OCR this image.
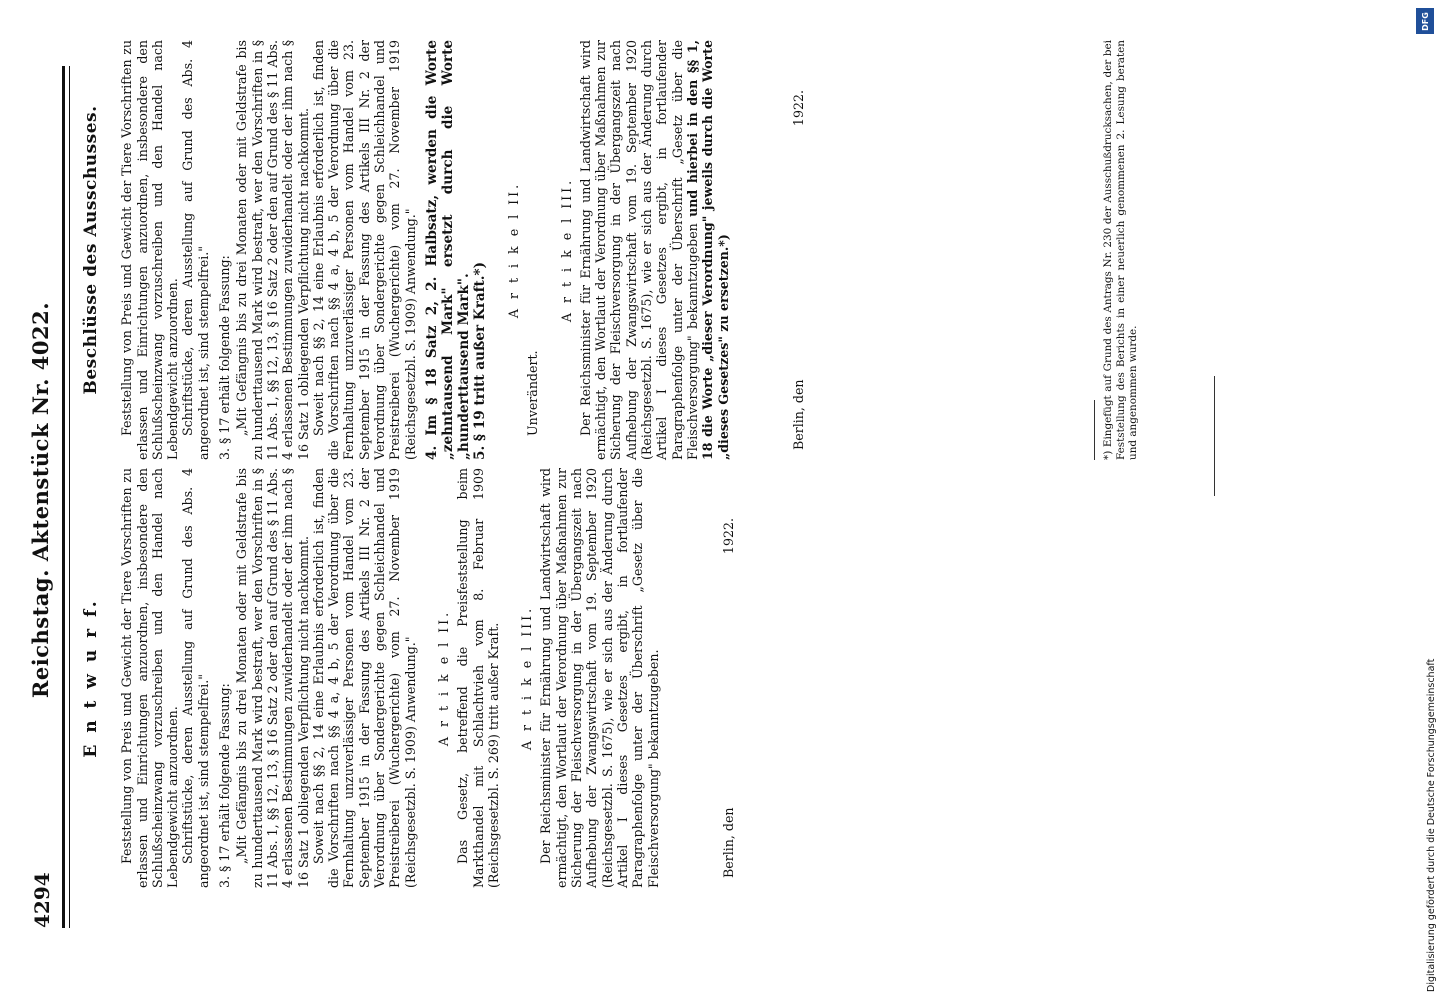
4294
Reichstag. Aktenstück Nr. 4022. E n t w u r f. Feststellung von Preis und Gewicht der Tiere Vorschriften zu erlassen und Einrichtungen anzuordnen, insbesondere den Schlußscheinzwang vorzuschreiben und den Handel nach Lebendgewicht anzuordnen. Schriftstücke, deren Ausstellung auf Grund des Abs. 4 angeordnet ist, sind stempelfrei." 3. § 17 erhält folgende Fassung: „Mit Gefängnis bis zu drei Monaten oder mit Geldstrafe bis zu hunderttausend Mark wird bestraft, wer den Vorschriften in § 11 Abs. 1, §§ 12, 13, § 16 Satz 2 oder den auf Grund des § 11 Abs. 4 erlassenen Bestimmungen zuwiderhandelt oder der ihm nach § 16 Satz 1 obliegenden Verpflichtung nicht nachkommt. Soweit nach §§ 2, 14 eine Erlaubnis erforderlich ist, finden die Vorschriften nach §§ 4 a, 4 b, 5 der Verordnung über die Fernhaltung unzuverlässiger Personen vom Handel vom 23. September 1915 in der Fassung des Artikels III Nr. 2 der Verordnung über Sondergerichte gegen Schleichhandel und Preistreiberei (Wuchergerichte) vom 27. November 1919 (Reichsgesetzbl. S. 1909) Anwendung." A r t i k e l II. Das Gesetz, betreffend die Preisfeststellung beim Markthandel mit Schlachtvieh vom 8. Februar 1909 (Reichsgesetzbl. S. 269) tritt außer Kraft. A r t i k e l III. Der Reichsminister für Ernährung und Landwirtschaft wird ermächtigt, den Wortlaut der Verordnung über Maßnahmen zur Sicherung der Fleischversorgung in der Übergangszeit nach Aufhebung der Zwangswirtschaft vom 19. September 1920 (Reichsgesetzbl. S. 1675), wie er sich aus der Änderung durch Artikel I dieses Gesetzes ergibt, in fortlaufender Paragraphenfolge unter der Überschrift „Gesetz über die Fleischversorgung" bekanntzugeben.	Berlin, den
1922.
Beschlüsse des Ausschusses. Feststellung von Preis und Gewicht der Tiere Vorschriften zu erlassen und Einrichtungen anzuordnen, insbesondere den Schlußscheinzwang vorzuschreiben und den Handel nach Lebendgewicht anzuordnen. Schriftstücke, deren Ausstellung auf Grund des Abs. 4 angeordnet ist, sind stempelfrei." 3. § 17 erhält folgende Fassung: „Mit Gefängnis bis zu drei Monaten oder mit Geldstrafe bis zu hunderttausend Mark wird bestraft, wer den Vorschriften in § 11 Abs. 1, §§ 12, 13, § 16 Satz 2 oder den auf Grund des § 11 Abs. 4 erlassenen Bestimmungen zuwiderhandelt oder der ihm nach § 16 Satz 1 obliegenden Verpflichtung nicht nachkommt. Soweit nach §§ 2, 14 eine Erlaubnis erforderlich ist, finden die Vorschriften nach §§ 4 a, 4 b, 5 der Verordnung über die Fernhaltung unzuverlässiger Personen vom Handel vom 23. September 1915 in der Fassung des Artikels III Nr. 2 der Verordnung über Sondergerichte gegen Schleichhandel und Preistreiberei (Wuchergerichte) vom 27. November 1919 (Reichsgesetzbl. S. 1909) Anwendung." 4. Im § 18 Satz 2, 2. Halbsatz, werden die Worte „zehntausend Mark" ersetzt durch die Worte „hunderttausend Mark". 5. § 19 tritt außer Kraft.*)

A r t i k e l II.

Unverändert.

A r t i k e l III. Der Reichsminister für Ernährung und Landwirtschaft wird ermächtigt, den Wortlaut der Verordnung über Maßnahmen zur Sicherung der Fleischversorgung in der Übergangszeit nach Aufhebung der Zwangswirtschaft vom 19. September 1920 (Reichsgesetzbl. S. 1675), wie er sich aus der Änderung durch Artikel I dieses Gesetzes ergibt, in fortlaufender Paragraphenfolge unter der Überschrift „Gesetz über die Fleischversorgung" bekanntzugeben und hierbei in den §§ 1, 18 die Worte „dieser Verordnung" jeweils durch die Worte „dieses Gesetzes" zu ersetzen.*)	Berlin, den
1922.	*) Eingefügt auf Grund des Antrags Nr. 230 der Ausschußdrucksachen, der bei Feststellung des Berichts in einer neuerlich genommenen 2. Lesung beraten und angenommen wurde.
DFG
Digitalisierung gefördert durch die Deutsche Forschungsgemeinschaft
